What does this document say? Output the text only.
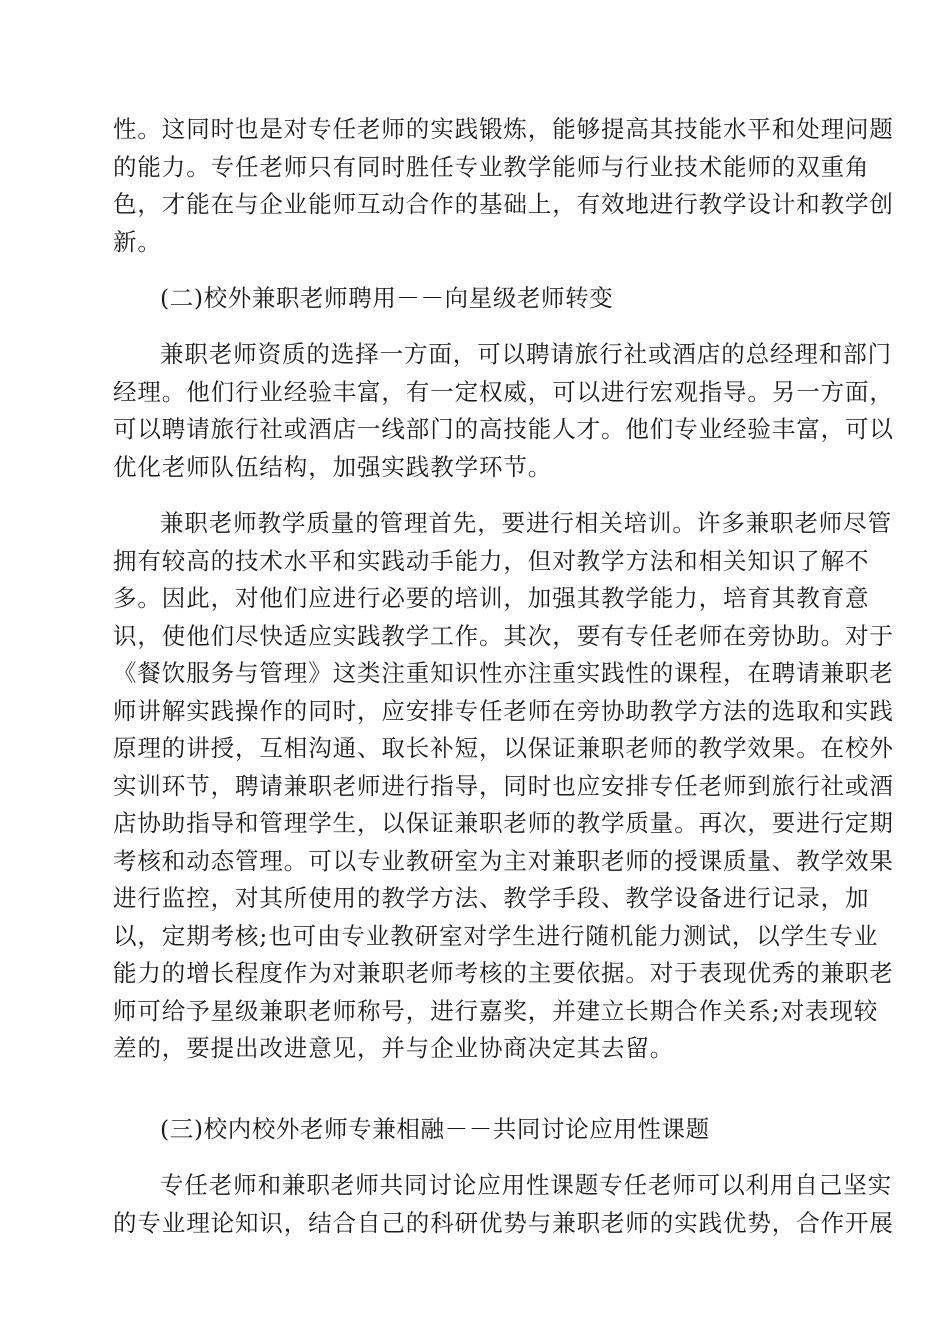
性。这同时也是对专任老师的实践锻炼，能够提高其技能水平和处理问题
的能力。专任老师只有同时胜任专业教学能师与行业技术能师的双重角
色，才能在与企业能师互动合作的基础上，有效地进行教学设计和教学创
新。
(二)校外兼职老师聘用－－向星级老师转变
兼职老师资质的选择一方面，可以聘请旅行社或酒店的总经理和部门
经理。他们行业经验丰富，有一定权威，可以进行宏观指导。另一方面，
可以聘请旅行社或酒店一线部门的高技能人才。他们专业经验丰富，可以
优化老师队伍结构，加强实践教学环节。
兼职老师教学质量的管理首先，要进行相关培训。许多兼职老师尽管
拥有较高的技术水平和实践动手能力，但对教学方法和相关知识了解不
多。因此，对他们应进行必要的培训，加强其教学能力，培育其教育意
识，使他们尽快适应实践教学工作。其次，要有专任老师在旁协助。对于
《餐饮服务与管理》这类注重知识性亦注重实践性的课程，在聘请兼职老
师讲解实践操作的同时，应安排专任老师在旁协助教学方法的选取和实践
原理的讲授，互相沟通、取长补短，以保证兼职老师的教学效果。在校外
实训环节，聘请兼职老师进行指导，同时也应安排专任老师到旅行社或酒
店协助指导和管理学生，以保证兼职老师的教学质量。再次，要进行定期
考核和动态管理。可以专业教研室为主对兼职老师的授课质量、教学效果
进行监控，对其所使用的教学方法、教学手段、教学设备进行记录，加
以，定期考核;也可由专业教研室对学生进行随机能力测试，以学生专业
能力的增长程度作为对兼职老师考核的主要依据。对于表现优秀的兼职老
师可给予星级兼职老师称号，进行嘉奖，并建立长期合作关系;对表现较
差的，要提出改进意见，并与企业协商决定其去留。
(三)校内校外老师专兼相融－－共同讨论应用性课题
专任老师和兼职老师共同讨论应用性课题专任老师可以利用自己坚实
的专业理论知识，结合自己的科研优势与兼职老师的实践优势，合作开展
